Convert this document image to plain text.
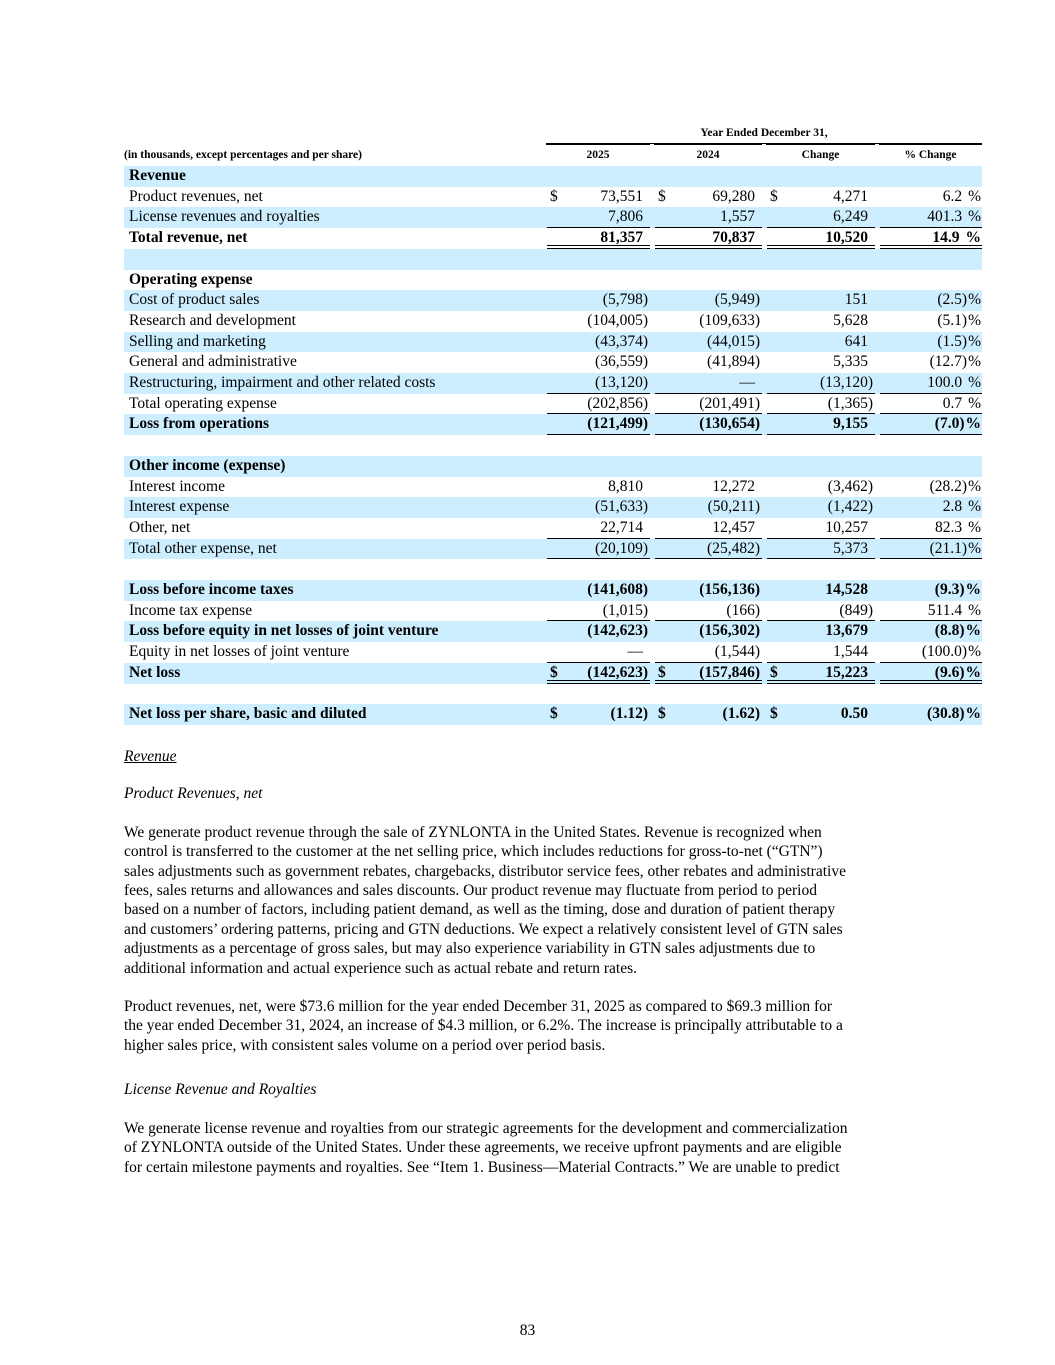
	Year Ended December 31,			

(in thousands, except percentages and per share)	2025	2024	Change	% Change

Revenue	

Product revenues, net	$ 73,551	$ 69,280	$ 4,271	6.2 %

License revenues and royalties	7,806	1,557	6,249	401.3 %

Total revenue, net	81,357	70,837	10,520	14.9 %

Operating expense	

Cost of product sales	(5,798)	(5,949)	151	(2.5) %

Research and development	(104,005)	(109,633)	5,628	(5.1) %

Selling and marketing	(43,374)	(44,015)	641	(1.5) %

General and administrative	(36,559)	(41,894)	5,335	(12.7) %

Restructuring, impairment and other related costs	(13,120)	—	(13,120)	100.0 %

Total operating expense	(202,856)	(201,491)	(1,365)	0.7 %

Loss from operations	(121,499)	(130,654)	9,155	(7.0) %

Other income (expense)	

Interest income	8,810	12,272	(3,462)	(28.2) %

Interest expense	(51,633)	(50,211)	(1,422)	2.8 %

Other, net	22,714	12,457	10,257	82.3 %

Total other expense, net	(20,109)	(25,482)	5,373	(21.1) %

Loss before income taxes	(141,608)	(156,136)	14,528	(9.3) %

Income tax expense	(1,015)	(166)	(849)	511.4 %

Loss before equity in net losses of joint venture	(142,623)	(156,302)	13,679	(8.8) %

Equity in net losses of joint venture	—	(1,544)	1,544	(100.0) %

Net loss	$ (142,623)	$ (157,846)	$ 15,223	(9.6) %

Net loss per share, basic and diluted	$ (1.12)	$ (1.62)	$ 0.50	(30.8) %

Revenue

Product Revenues, net

We generate product revenue through the sale of ZYNLONTA in the United States. Revenue is recognized when
control is transferred to the customer at the net selling price, which includes reductions for gross-to-net (“GTN”)
sales adjustments such as government rebates, chargebacks, distributor service fees, other rebates and administrative
fees, sales returns and allowances and sales discounts. Our product revenue may fluctuate from period to period
based on a number of factors, including patient demand, as well as the timing, dose and duration of patient therapy
and customers’ ordering patterns, pricing and GTN deductions. We expect a relatively consistent level of GTN sales
adjustments as a percentage of gross sales, but may also experience variability in GTN sales adjustments due to
additional information and actual experience such as actual rebate and return rates.

Product revenues, net, were $73.6 million for the year ended December 31, 2025 as compared to $69.3 million for
the year ended December 31, 2024, an increase of $4.3 million, or 6.2%. The increase is principally attributable to a
higher sales price, with consistent sales volume on a period over period basis.

License Revenue and Royalties

We generate license revenue and royalties from our strategic agreements for the development and commercialization
of ZYNLONTA outside of the United States. Under these agreements, we receive upfront payments and are eligible
for certain milestone payments and royalties. See “Item 1. Business—Material Contracts.” We are unable to predict

83
